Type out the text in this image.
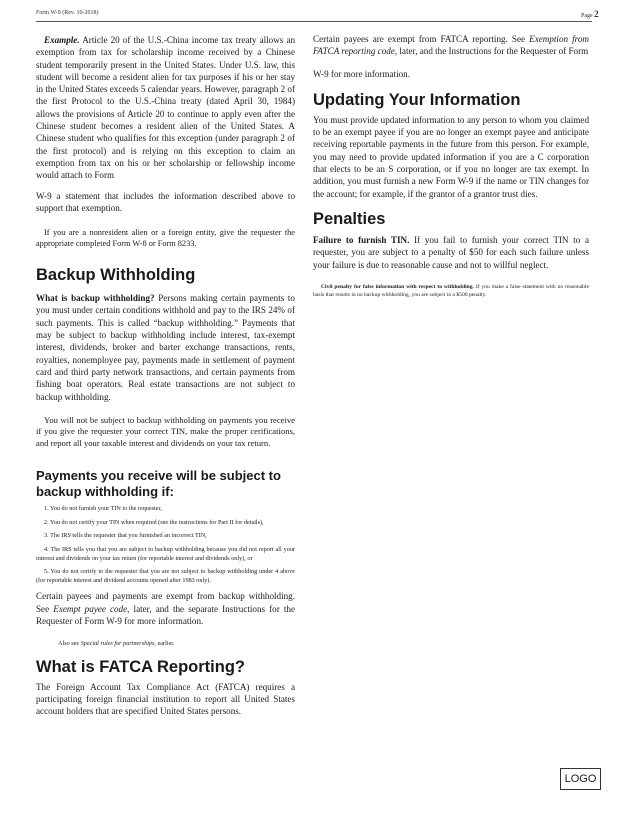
Form W-9 (Rev. 10-2018)	Page 2

Example. Article 20 of the U.S.-China income tax treaty allows an exemption from tax for scholarship income received by a Chinese student temporarily present in the United States. Under U.S. law, this student will become a resident alien for tax purposes if his or her stay in the United States exceeds 5 calendar years. However, paragraph 2 of the first Protocol to the U.S.-China treaty (dated April 30, 1984) allows the provisions of Article 20 to continue to apply even after the Chinese student becomes a resident alien of the United States. A Chinese student who qualifies for this exception (under paragraph 2 of the first protocol) and is relying on this exception to claim an exemption from tax on his or her scholarship or fellowship income would attach to Form

W-9 a statement that includes the information described above to support that exemption.

If you are a nonresident alien or a foreign entity, give the requester the appropriate completed Form W-8 or Form 8233.

Backup Withholding

What is backup withholding? Persons making certain payments to you must under certain conditions withhold and pay to the IRS 24% of such payments. This is called “backup withholding.” Payments that may be subject to backup withholding include interest, tax-exempt interest, dividends, broker and barter exchange transactions, rents, royalties, nonemployee pay, payments made in settlement of payment card and third party network transactions, and certain payments from fishing boat operators. Real estate transactions are not subject to backup withholding.

You will not be subject to backup withholding on payments you receive if you give the requester your correct TIN, make the proper cerifications, and report all your taxable interest and dividends on your tax return.

Payments you receive will be subject to backup withholding if:

1. You do not furnish your TIN to the requester,

2. You do not certify your TIN when required (see the instructions for Part II for details),

3. The IRS tells the requester that you furnished an incorrect TIN,

4. The IRS tells you that you are subject to backup withholding because you did not report all your interest and dividends on your tax return (for reportable interest and dividends only), or

5. You do not certify to the requester that you are not subject to backup withholding under 4 above (for reportable interest and dividend accounts opened after 1983 only).

Certain payees and payments are exempt from backup withholding. See Exempt payee code, later, and the separate Instructions for the Requester of Form W-9 for more information.

Also see Special rules for partnerships, earlier.

What is FATCA Reporting?

The Foreign Account Tax Compliance Act (FATCA) requires a participating foreign financial institution to report all United States account holders that are specified United States persons.

Certain payees are exempt from FATCA reporting. See Exemption from FATCA reporting code, later, and the Instructions for the Requester of Form

W-9 for more information.

Updating Your Information

You must provide updated information to any person to whom you claimed to be an exempt payee if you are no longer an exempt payee and anticipate receiving reportable payments in the future from this person. For example, you may need to provide updated information if you are a C corporation that elects to be an S corporation, or if you no longer are tax exempt. In addition, you must furnish a new Form W-9 if the name or TIN changes for the account; for example, if the grantor of a grantor trust dies.

Penalties

Failure to furnish TIN. If you fail to furnish your correct TIN to a requester, you are subject to a penalty of $50 for each such failure unless your failure is due to reasonable cause and not to willful neglect.

Civil penalty for false information with respect to withholding. If you make a false statement with no reasonable basis that results in no backup withholding, you are subject to a $500 penalty.

LOGO
